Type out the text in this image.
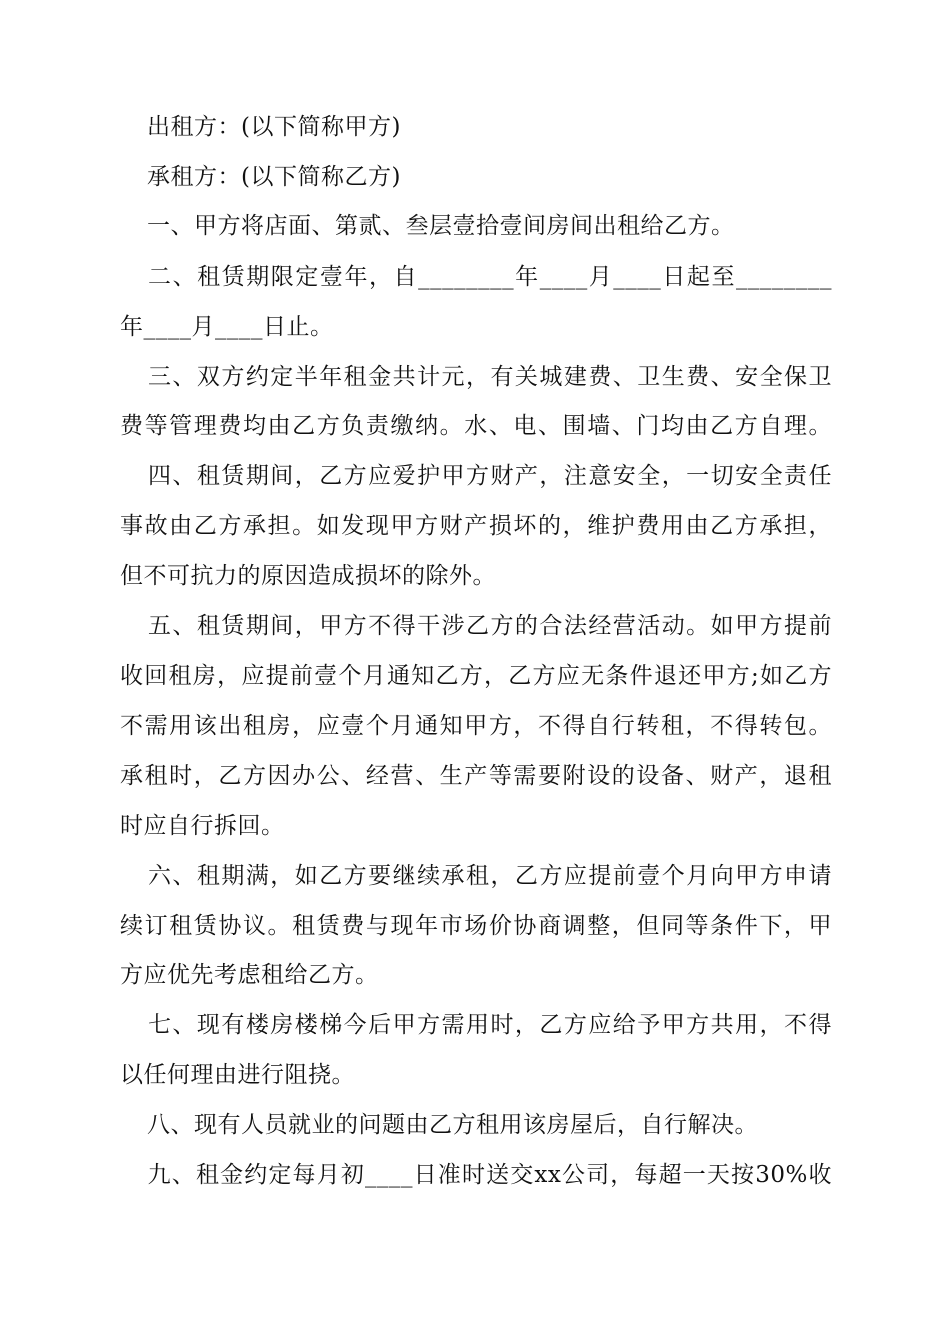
出租方：(以下简称甲方)
承租方：(以下简称乙方)
一、甲方将店面、第贰、叁层壹拾壹间房间出租给乙方。
二、租赁期限定壹年，自________年____月____日起至________
年____月____日止。
三、双方约定半年租金共计元，有关城建费、卫生费、安全保卫
费等管理费均由乙方负责缴纳。水、电、围墙、门均由乙方自理。
四、租赁期间，乙方应爱护甲方财产，注意安全，一切安全责任
事故由乙方承担。如发现甲方财产损坏的，维护费用由乙方承担，
但不可抗力的原因造成损坏的除外。
五、租赁期间，甲方不得干涉乙方的合法经营活动。如甲方提前
收回租房，应提前壹个月通知乙方，乙方应无条件退还甲方;如乙方
不需用该出租房，应壹个月通知甲方，不得自行转租，不得转包。
承租时，乙方因办公、经营、生产等需要附设的设备、财产，退租
时应自行拆回。
六、租期满，如乙方要继续承租，乙方应提前壹个月向甲方申请
续订租赁协议。租赁费与现年市场价协商调整，但同等条件下，甲
方应优先考虑租给乙方。
七、现有楼房楼梯今后甲方需用时，乙方应给予甲方共用，不得
以任何理由进行阻挠。
八、现有人员就业的问题由乙方租用该房屋后，自行解决。
九、租金约定每月初____日准时送交xx公司，每超一天按30%收
